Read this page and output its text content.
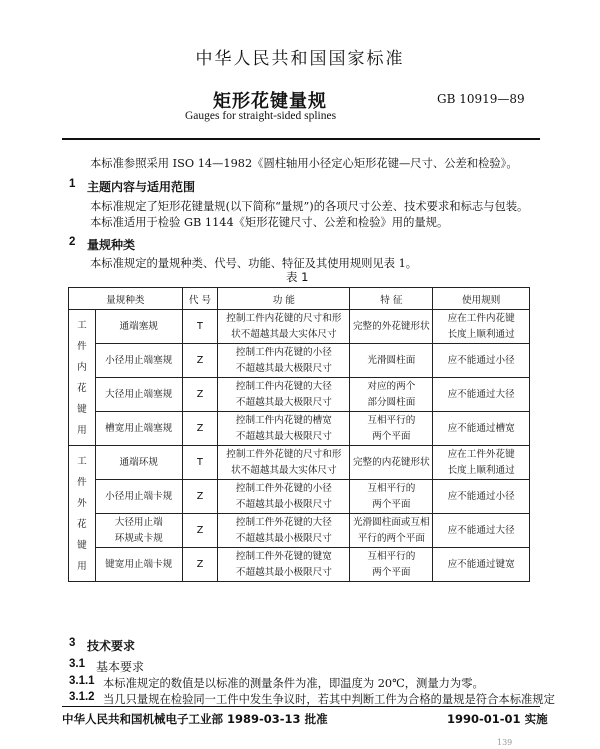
中华人民共和国国家标准
矩形花键量规	GB 10919—89
Gauges for straight-sided splines
本标准参照采用 ISO 14—1982《圆柱轴用小径定心矩形花键—尺寸、公差和检验》。
1 主题内容与适用范围
本标准规定了矩形花键量规(以下简称“量规”)的各项尺寸公差、技术要求和标志与包装。
本标准适用于检验 GB 1144《矩形花键尺寸、公差和检验》用的量规。
2 量规种类
本标准规定的量规种类、代号、功能、特征及其使用规则见表 1。
表 1
量规种类		代 号	功 能	特 征	使用规则

工件内花键用	通端塞规	T	控制工件内花键的尺寸和形
状不超越其最大实体尺寸	完整的外花键形状	应在工件内花键
长度上顺利通过

	小径用止端塞规	Z	控制工件内花键的小径
不超越其最大极限尺寸	光滑圆柱面	应不能通过小径

	大径用止端塞规	Z	控制工件内花键的大径
不超越其最大极限尺寸	对应的两个
部分圆柱面	应不能通过大径

	槽宽用止端塞规	Z	控制工件内花键的槽宽
不超越其最大极限尺寸	互相平行的
两个平面	应不能通过槽宽

工件外花键用	通端环规	T	控制工件外花键的尺寸和形
状不超越其最大实体尺寸	完整的内花键形状	应在工件外花键
长度上顺利通过

	小径用止端卡规	Z	控制工件外花键的小径
不超越其最小极限尺寸	互相平行的
两个平面	应不能通过小径

	大径用止端
环规或卡规	Z	控制工件外花键的大径
不超越其最小极限尺寸	光滑圆柱面或互相
平行的两个平面	应不能通过大径

	键宽用止端卡规	Z	控制工件外花键的键宽
不超越其最小极限尺寸	互相平行的
两个平面	应不能通过键宽
3 技术要求
3.1 基本要求
3.1.1 本标准规定的数值是以标准的测量条件为准，即温度为 20℃，测量力为零。
3.1.2 当几只量规在检验同一工件中发生争议时，若其中判断工件为合格的量规是符合本标准规定
中华人民共和国机械电子工业部 1989-03-13 批准	1990-01-01 实施
139
